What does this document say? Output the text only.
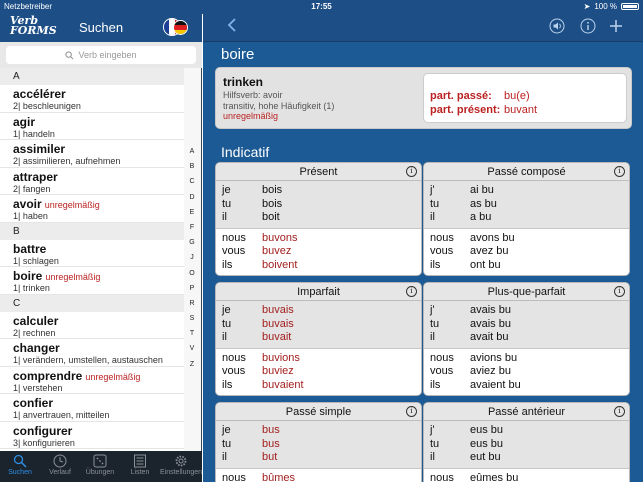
Netzbetreiber	17:55	➤ 100 %
Verb
FORMS	Suchen
Verb eingeben
A
accélérer
2| beschleunigen
agir
1| handeln
assimiler
2| assimilieren, aufnehmen
attraper
2| fangen
avoir unregelmäßig
1| haben
B
battre
1| schlagen
boire unregelmäßig
1| trinken
C
calculer
2| rechnen
changer
1| verändern, umstellen, austauschen
comprendre unregelmäßig
1| verstehen
confier
1| anvertrauen, mitteilen
configurer
3| konfigurieren
A
B
C
D
E
F
G
J
O
P
R
S
T
V
Z
Suchen	Verlauf	Übungen	Listen	Einstellungen
boire
trinken
Hilfsverb: avoir
transitiv, hohe Häufigkeit (1)
unregelmäßig
part. passé: bu(e)
part. présent: buvant
Indicatif
Présent	i
je	bois
tu	bois
il	boit
nous buvons
vous buvez
ils	boivent
Passé composé	i
j'	ai bu
tu	as bu
il	a bu
nous avons bu
vous avez bu
ils	ont bu
Imparfait	i
je	buvais
tu	buvais
il	buvait
nous buvions
vous buviez
ils	buvaient
Plus-que-parfait	i
j'	avais bu
tu	avais bu
il	avait bu
nous avions bu
vous aviez bu
ils	avaient bu
Passé simple	i
je	bus
tu	bus
il	but
nous bûmes
Passé antérieur	i
j'	eus bu
tu	eus bu
il	eut bu
nous eûmes bu
